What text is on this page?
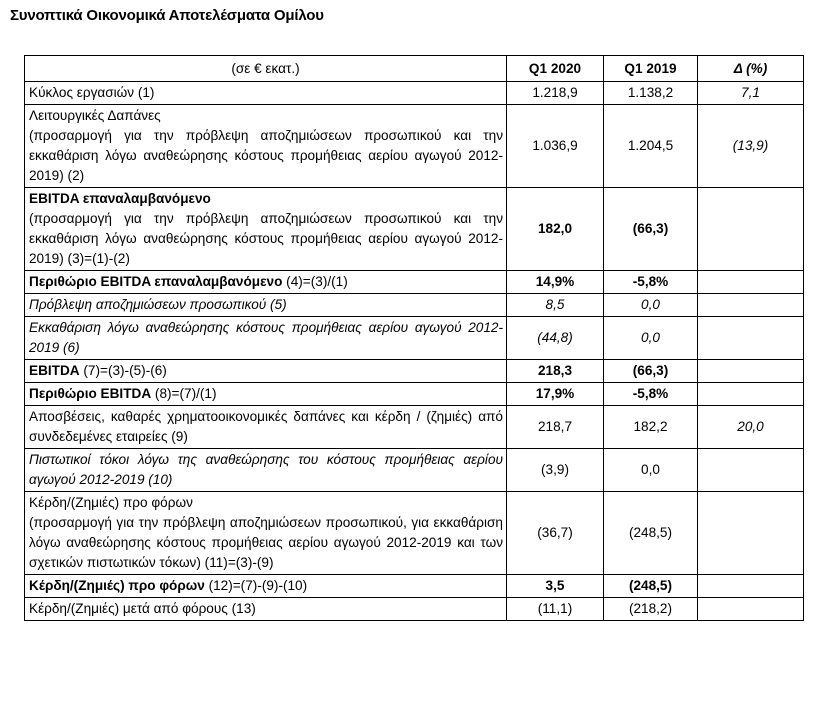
Συνοπτικά Οικονομικά Αποτελέσματα Ομίλου
(σε € εκατ.)	Q1 2020	Q1 2019	Δ (%)

Κύκλος εργασιών (1)	1.218,9	1.138,2	7,1

Λειτουργικές Δαπάνες
(προσαρμογή για την πρόβλεψη αποζημιώσεων προσωπικού και την εκκαθάριση λόγω αναθεώρησης κόστους προμήθειας αερίου αγωγού 2012-2019) (2)	1.036,9	1.204,5	(13,9)

EBITDA επαναλαμβανόμενο
(προσαρμογή για την πρόβλεψη αποζημιώσεων προσωπικού και την εκκαθάριση λόγω αναθεώρησης κόστους προμήθειας αερίου αγωγού 2012-2019) (3)=(1)-(2)	182,0	(66,3)	

Περιθώριο EBITDA επαναλαμβανόμενο (4)=(3)/(1)	14,9%	-5,8%	

Πρόβλεψη αποζημιώσεων προσωπικού (5)	8,5	0,0	

Εκκαθάριση λόγω αναθεώρησης κόστους προμήθειας αερίου αγωγού 2012-2019 (6)	(44,8)	0,0	

EBITDA (7)=(3)-(5)-(6)	218,3	(66,3)	

Περιθώριο EBITDA (8)=(7)/(1)	17,9%	-5,8%	

Αποσβέσεις, καθαρές χρηματοοικονομικές δαπάνες και κέρδη / (ζημιές) από συνδεδεμένες εταιρείες (9)	218,7	182,2	20,0

Πιστωτικοί τόκοι λόγω της αναθεώρησης του κόστους προμήθειας αερίου αγωγού 2012-2019 (10)	(3,9)	0,0	

Κέρδη/(Ζημιές) προ φόρων
(προσαρμογή για την πρόβλεψη αποζημιώσεων προσωπικού, για εκκαθάριση λόγω αναθεώρησης κόστους προμήθειας αερίου αγωγού 2012-2019 και των σχετικών πιστωτικών τόκων) (11)=(3)-(9)	(36,7)	(248,5)	

Κέρδη/(Ζημιές) προ φόρων (12)=(7)-(9)-(10)	3,5	(248,5)	

Κέρδη/(Ζημιές) μετά από φόρους (13)	(11,1)	(218,2)	
